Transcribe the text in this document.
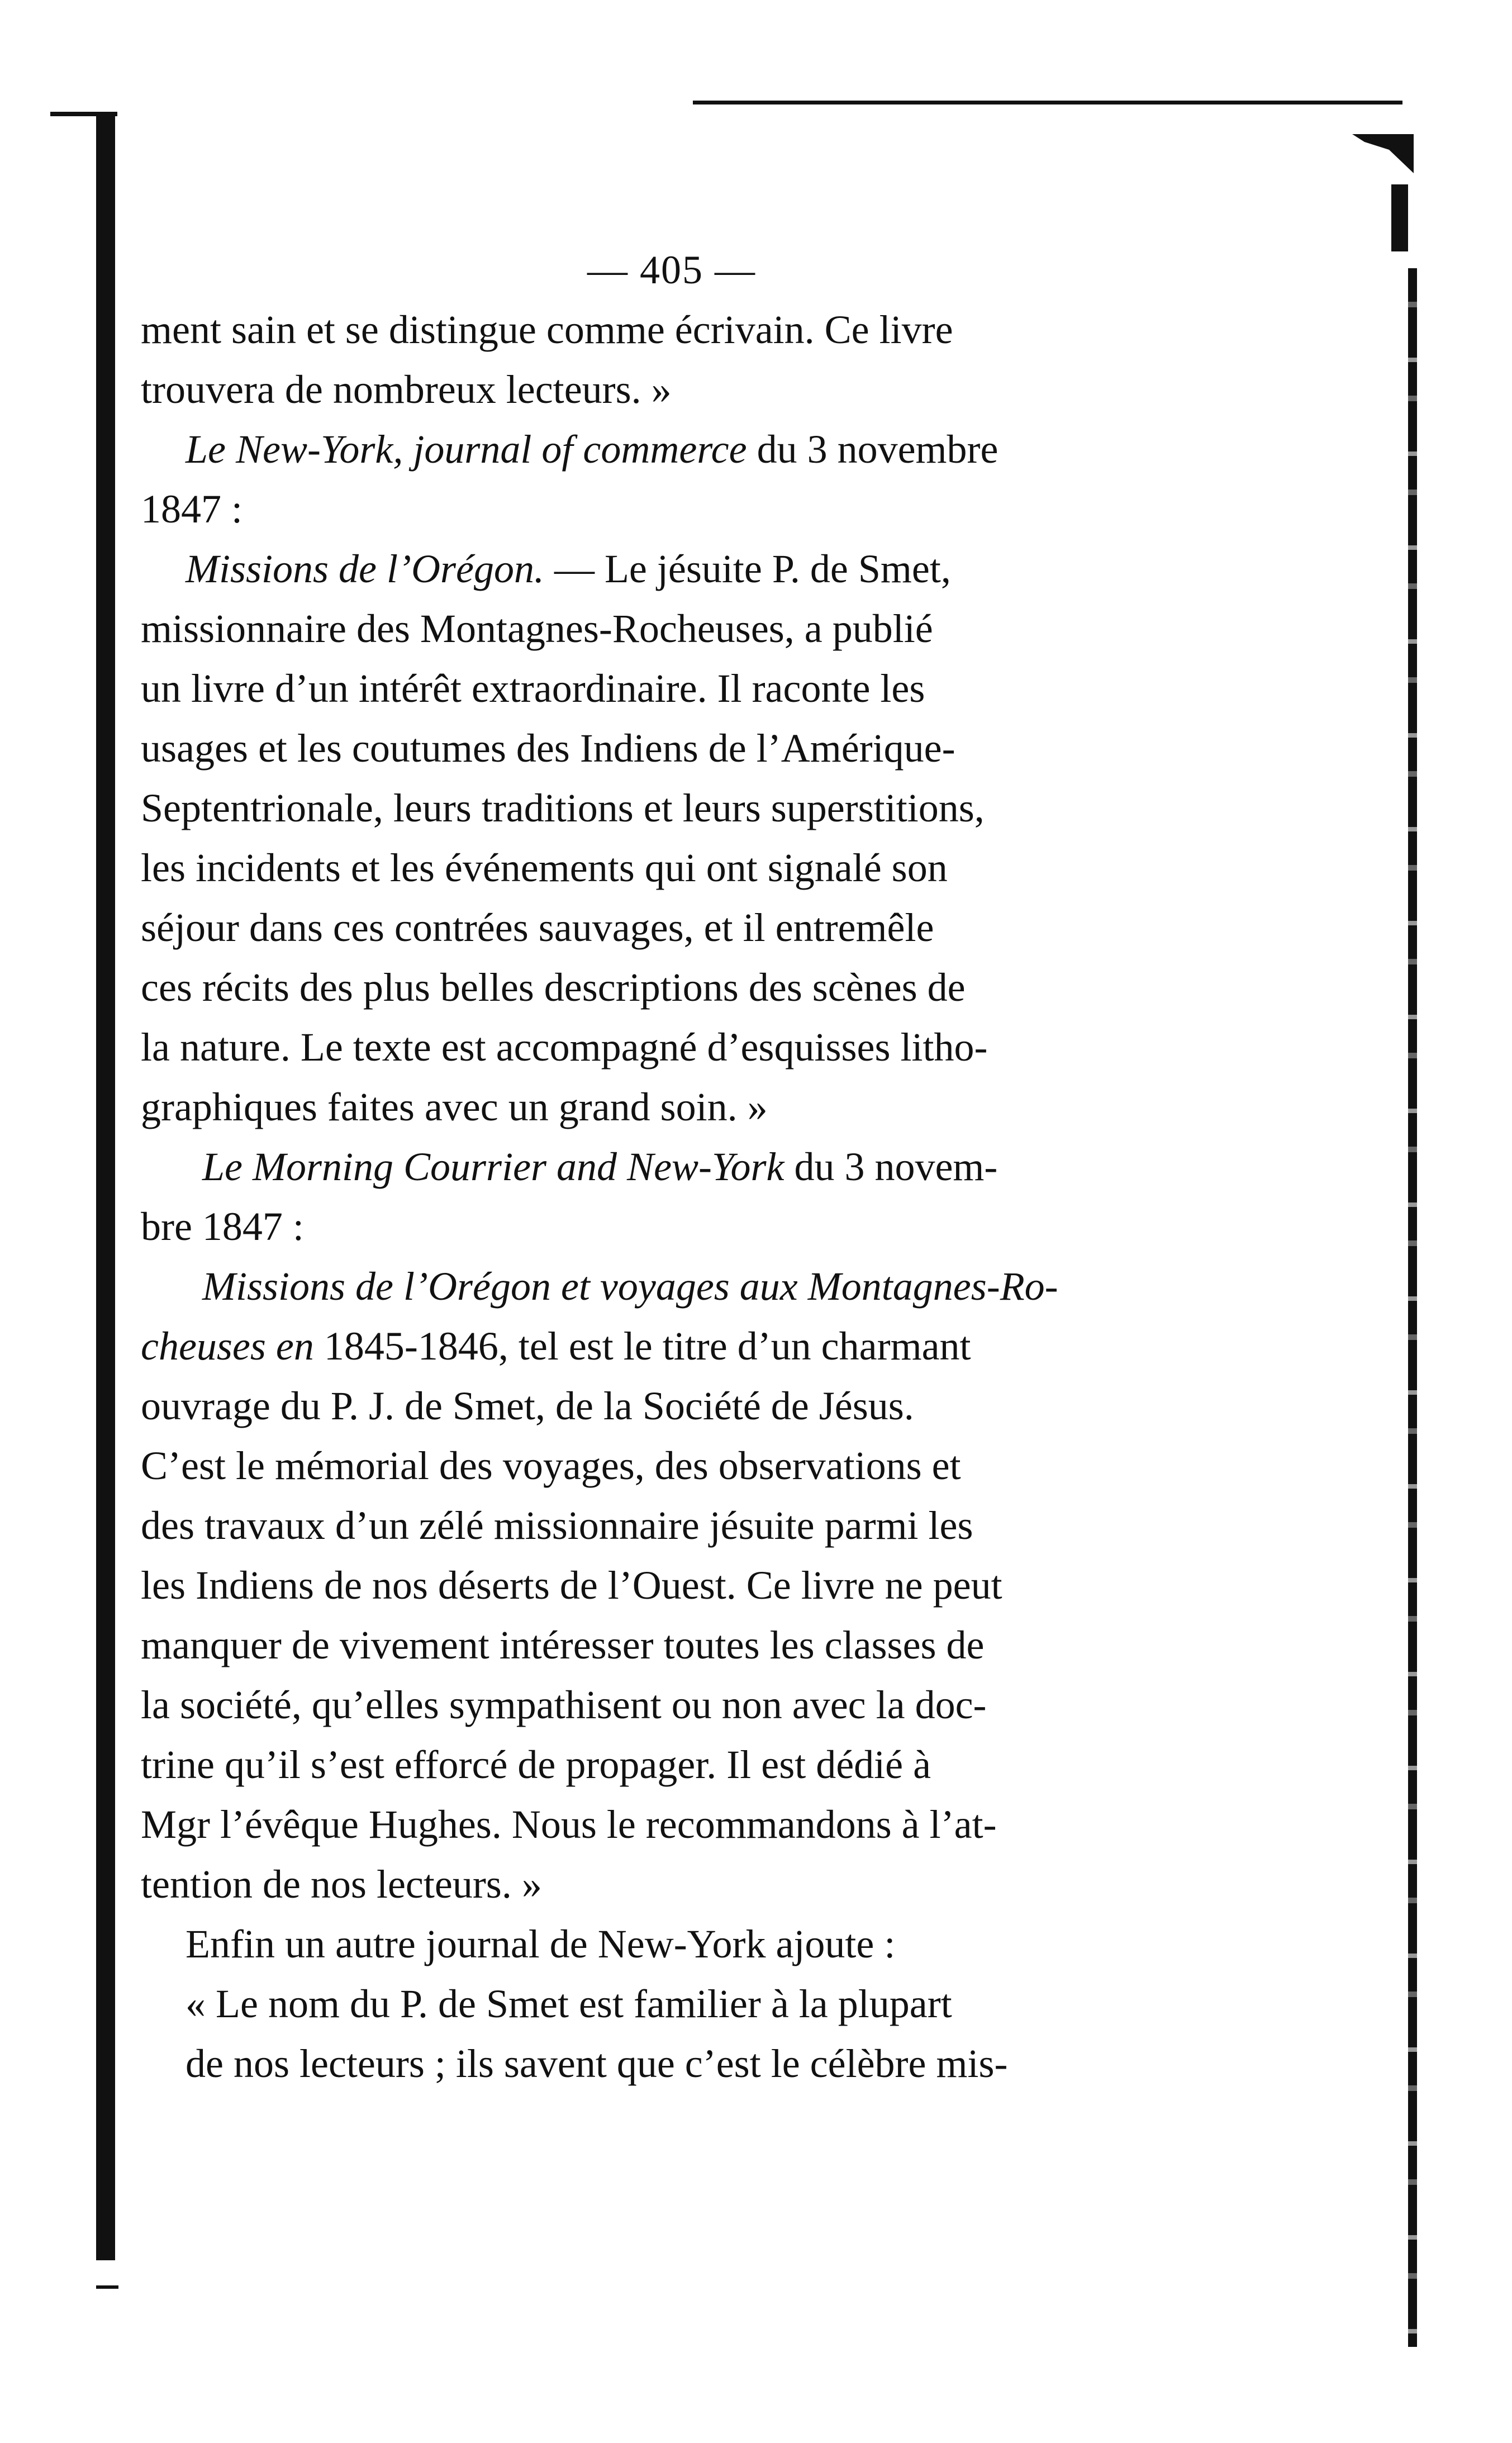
— 405 —
ment sain et se distingue comme écrivain. Ce livre
trouvera de nombreux lecteurs. »
Le New-York, journal of commerce du 3 novembre
1847 :
Missions de l’Orégon. — Le jésuite P. de Smet,
missionnaire des Montagnes-Rocheuses, a publié
un livre d’un intérêt extraordinaire. Il raconte les
usages et les coutumes des Indiens de l’Amérique-
Septentrionale, leurs traditions et leurs superstitions,
les incidents et les événements qui ont signalé son
séjour dans ces contrées sauvages, et il entremêle
ces récits des plus belles descriptions des scènes de
la nature. Le texte est accompagné d’esquisses litho-
graphiques faites avec un grand soin. »
Le Morning Courrier and New-York du 3 novem-
bre 1847 :
Missions de l’Orégon et voyages aux Montagnes-Ro-
cheuses en 1845-1846, tel est le titre d’un charmant
ouvrage du P. J. de Smet, de la Société de Jésus.
C’est le mémorial des voyages, des observations et
des travaux d’un zélé missionnaire jésuite parmi les
les Indiens de nos déserts de l’Ouest. Ce livre ne peut
manquer de vivement intéresser toutes les classes de
la société, qu’elles sympathisent ou non avec la doc-
trine qu’il s’est efforcé de propager. Il est dédié à
Mgr l’évêque Hughes. Nous le recommandons à l’at-
tention de nos lecteurs. »
Enfin un autre journal de New-York ajoute :
« Le nom du P. de Smet est familier à la plupart
de nos lecteurs ; ils savent que c’est le célèbre mis-
